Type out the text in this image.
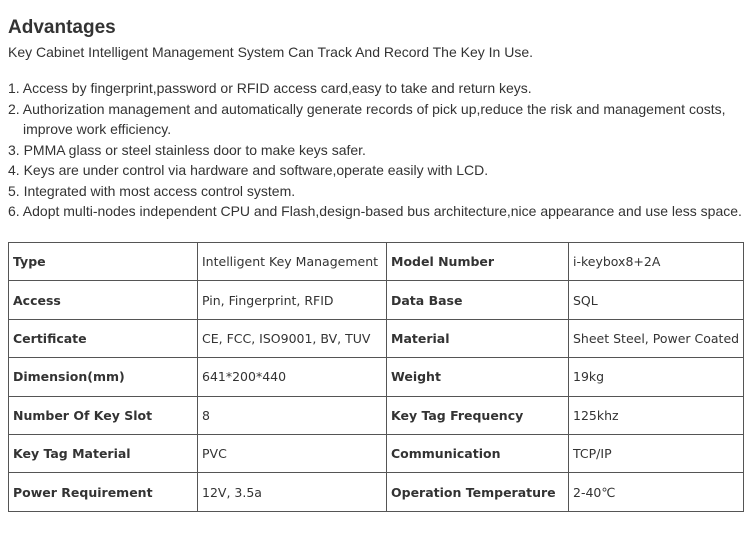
Advantages

Key Cabinet Intelligent Management System Can Track And Record The Key In Use.

1. Access by fingerprint,password or RFID access card,easy to take and return keys.
2. Authorization management and automatically generate records of pick up,reduce the risk and management costs, improve work efficiency.
3. PMMA glass or steel stainless door to make keys safer.
4. Keys are under control via hardware and software,operate easily with LCD.
5. Integrated with most access control system.
6. Adopt multi-nodes independent CPU and Flash,design-based bus architecture,nice appearance and use less space.
Type	Intelligent Key Management	Model Number	i-keybox8+2A
Access	Pin, Fingerprint, RFID	Data Base	SQL
Certificate	CE, FCC, ISO9001, BV, TUV	Material	Sheet Steel, Power Coated
Dimension(mm)	641*200*440	Weight	19kg
Number Of Key Slot	8	Key Tag Frequency	125khz
Key Tag Material	PVC	Communication	TCP/IP
Power Requirement	12V, 3.5a	Operation Temperature	2-40℃
